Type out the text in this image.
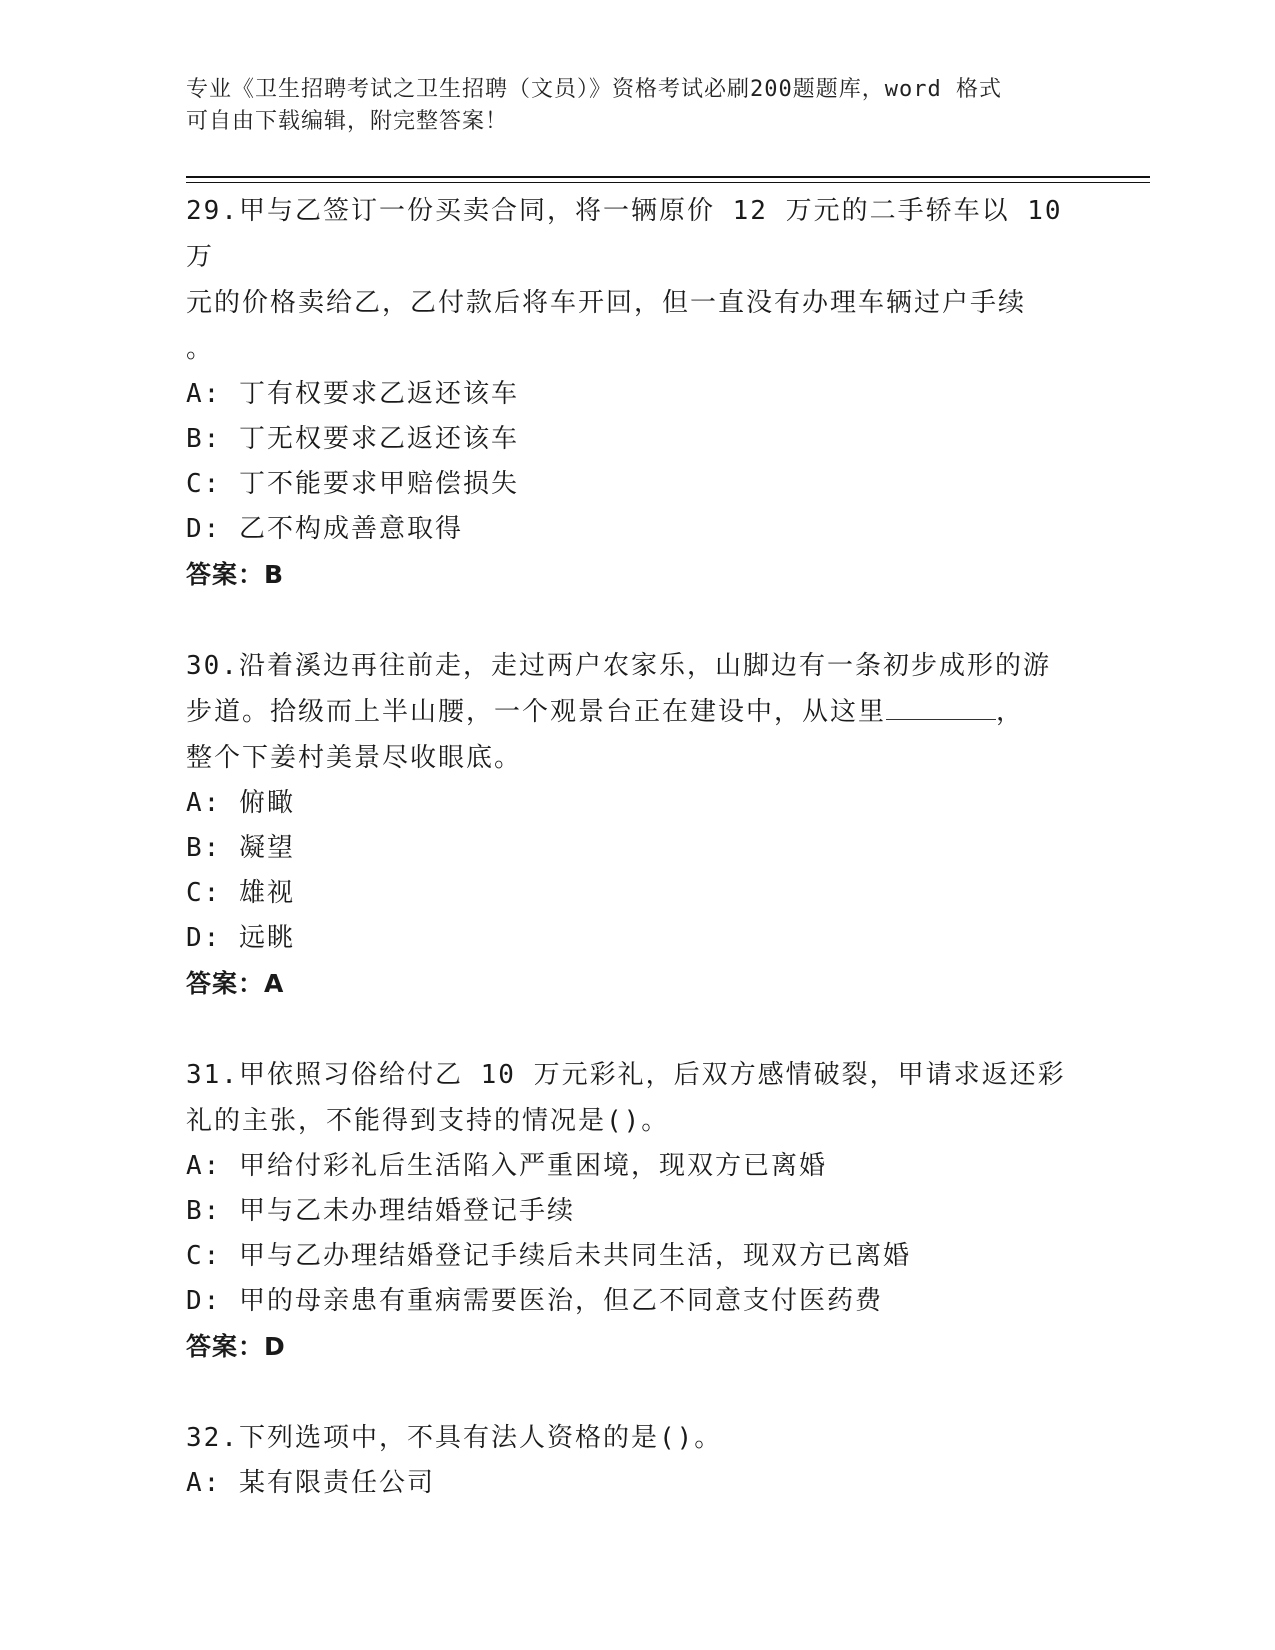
专业《卫生招聘考试之卫生招聘（文员）》资格考试必刷200题题库，word 格式
可自由下载编辑，附完整答案！

29.甲与乙签订一份买卖合同，将一辆原价 12 万元的二手轿车以 10 万

元的价格卖给乙，乙付款后将车开回，但一直没有办理车辆过户手续

。

A: 丁有权要求乙返还该车

B: 丁无权要求乙返还该车

C: 丁不能要求甲赔偿损失

D: 乙不构成善意取得

答案：B

30.沿着溪边再往前走，走过两户农家乐，山脚边有一条初步成形的游

步道。拾级而上半山腰，一个观景台正在建设中，从这里	，

整个下姜村美景尽收眼底。

A: 俯瞰

B: 凝望

C: 雄视

D: 远眺

答案：A

31.甲依照习俗给付乙 10 万元彩礼，后双方感情破裂，甲请求返还彩

礼的主张，不能得到支持的情况是()。

A: 甲给付彩礼后生活陷入严重困境，现双方已离婚

B: 甲与乙未办理结婚登记手续

C: 甲与乙办理结婚登记手续后未共同生活，现双方已离婚

D: 甲的母亲患有重病需要医治，但乙不同意支付医药费

答案：D

32.下列选项中，不具有法人资格的是()。

A: 某有限责任公司
